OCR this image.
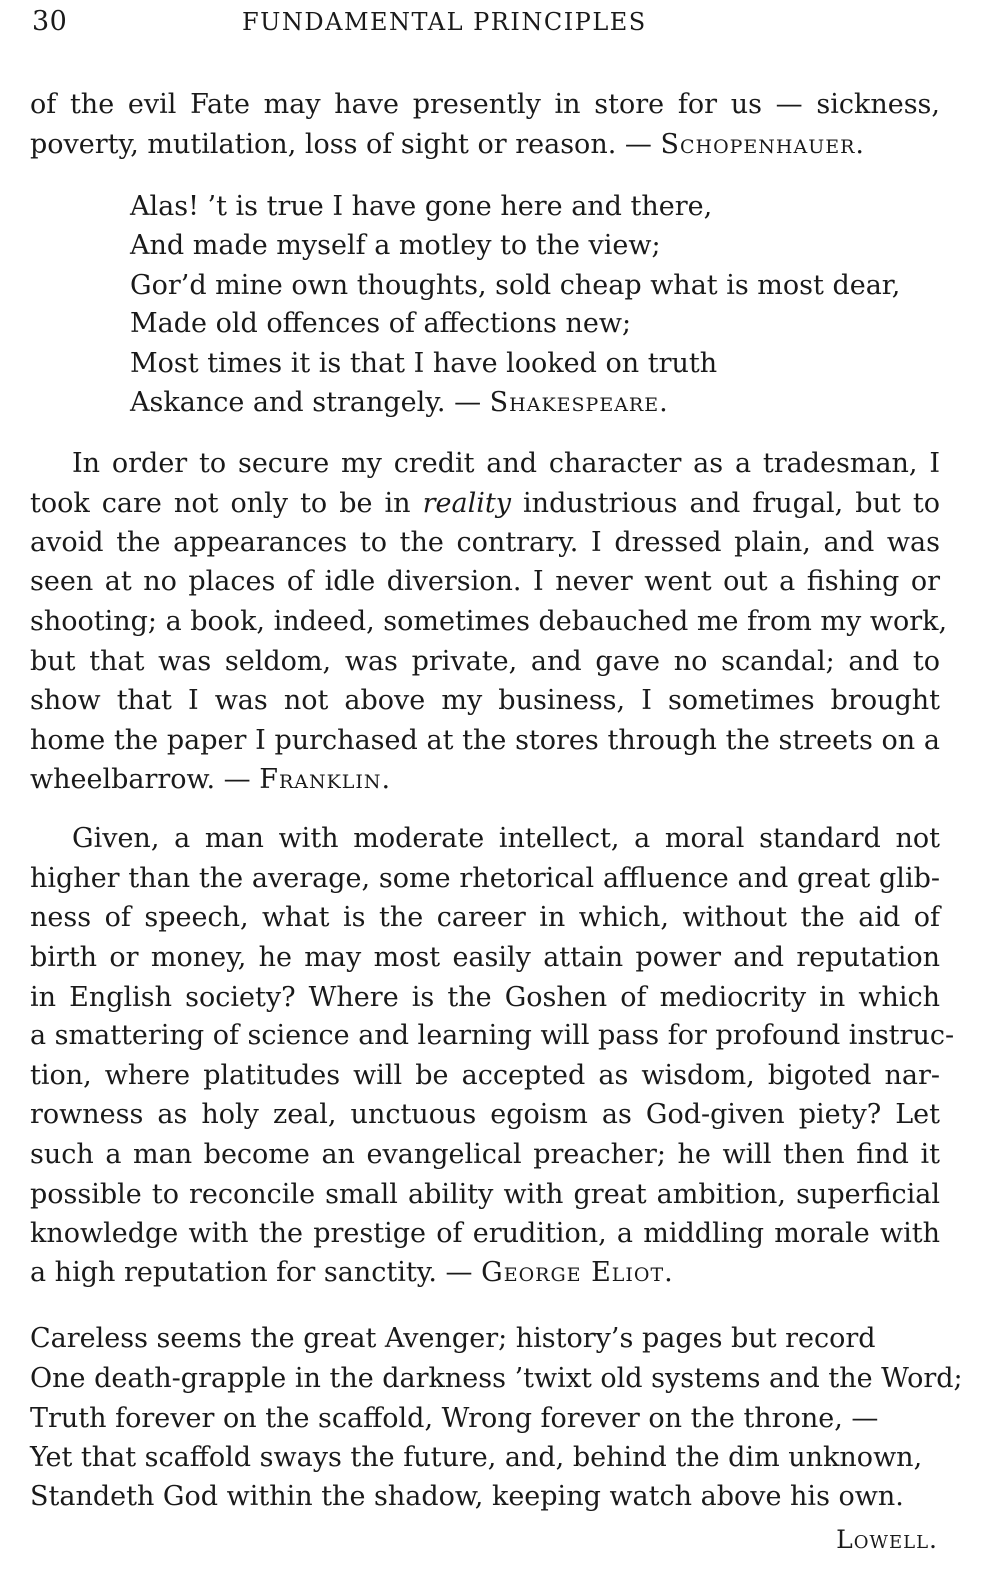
30	FUNDAMENTAL PRINCIPLES
of the evil Fate may have presently in store for us — sickness,
poverty, mutilation, loss of sight or reason. — Schopenhauer.
Alas! ’t is true I have gone here and there,
And made myself a motley to the view;
Gor’d mine own thoughts, sold cheap what is most dear,
Made old offences of affections new;
Most times it is that I have looked on truth
Askance and strangely. — Shakespeare.
In order to secure my credit and character as a tradesman, I
took care not only to be in reality industrious and frugal, but to
avoid the appearances to the contrary. I dressed plain, and was
seen at no places of idle diversion. I never went out a fishing or
shooting; a book, indeed, sometimes debauched me from my work,
but that was seldom, was private, and gave no scandal; and to
show that I was not above my business, I sometimes brought
home the paper I purchased at the stores through the streets on a
wheelbarrow. — Franklin.
Given, a man with moderate intellect, a moral standard not
higher than the average, some rhetorical affluence and great glib-
ness of speech, what is the career in which, without the aid of
birth or money, he may most easily attain power and reputation
in English society? Where is the Goshen of mediocrity in which
a smattering of science and learning will pass for profound instruc-
tion, where platitudes will be accepted as wisdom, bigoted nar-
rowness as holy zeal, unctuous egoism as God-given piety? Let
such a man become an evangelical preacher; he will then find it
possible to reconcile small ability with great ambition, superficial
knowledge with the prestige of erudition, a middling morale with
a high reputation for sanctity. — George Eliot.
Careless seems the great Avenger; history’s pages but record
One death-grapple in the darkness ’twixt old systems and the Word;
Truth forever on the scaffold, Wrong forever on the throne, —
Yet that scaffold sways the future, and, behind the dim unknown,
Standeth God within the shadow, keeping watch above his own.
Lowell.
